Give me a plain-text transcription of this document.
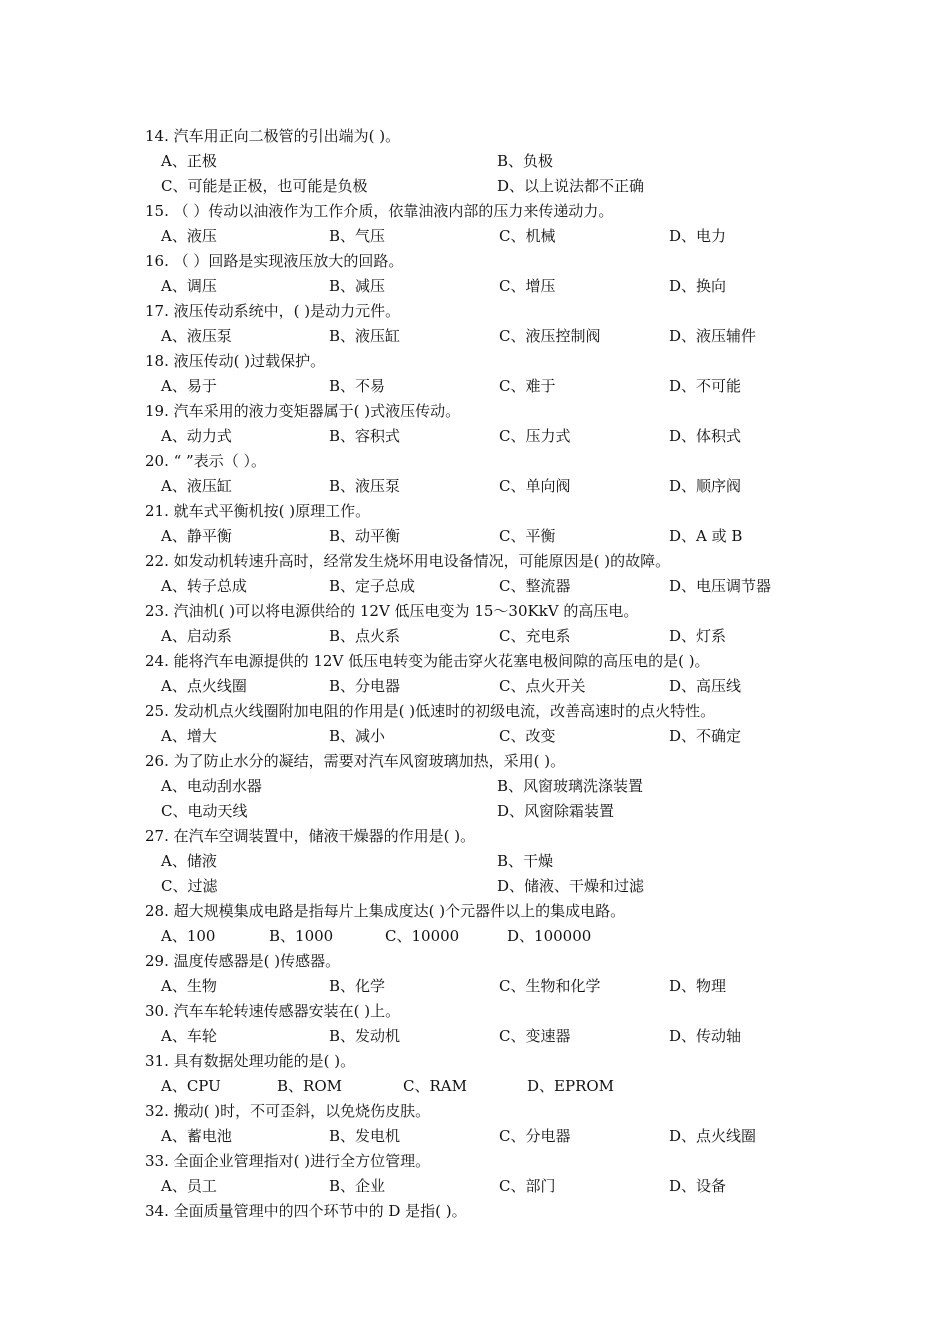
14. 汽车用正向二极管的引出端为( )。
A、正极	B、负极
C、可能是正极，也可能是负极	D、以上说法都不正确
15. （ ）传动以油液作为工作介质，依靠油液内部的压力来传递动力。
A、液压	B、气压	C、机械	D、电力
16. （ ）回路是实现液压放大的回路。
A、调压	B、减压	C、增压	D、换向
17. 液压传动系统中，( )是动力元件。
A、液压泵	B、液压缸	C、液压控制阀	D、液压辅件
18. 液压传动( )过载保护。
A、易于	B、不易	C、难于	D、不可能
19. 汽车采用的液力变矩器属于( )式液压传动。
A、动力式	B、容积式	C、压力式	D、体积式
20. “ ”表示（ ）。
A、液压缸	B、液压泵	C、单向阀	D、顺序阀
21. 就车式平衡机按( )原理工作。
A、静平衡	B、动平衡	C、平衡	D、A 或 B
22. 如发动机转速升高时，经常发生烧坏用电设备情况，可能原因是( )的故障。
A、转子总成	B、定子总成	C、整流器	D、电压调节器
23. 汽油机( )可以将电源供给的 12V 低压电变为 15～30KkV 的高压电。
A、启动系	B、点火系	C、充电系	D、灯系
24. 能将汽车电源提供的 12V 低压电转变为能击穿火花塞电极间隙的高压电的是( )。
A、点火线圈	B、分电器	C、点火开关	D、高压线
25. 发动机点火线圈附加电阻的作用是( )低速时的初级电流，改善高速时的点火特性。
A、增大	B、减小	C、改变	D、不确定
26. 为了防止水分的凝结，需要对汽车风窗玻璃加热，采用( )。
A、电动刮水器	B、风窗玻璃洗涤装置
C、电动天线	D、风窗除霜装置
27. 在汽车空调装置中，储液干燥器的作用是( )。
A、储液	B、干燥
C、过滤	D、储液、干燥和过滤
28. 超大规模集成电路是指每片上集成度达( )个元器件以上的集成电路。
A、100	B、1000	C、10000	D、100000
29. 温度传感器是( )传感器。
A、生物	B、化学	C、生物和化学	D、物理
30. 汽车车轮转速传感器安装在( )上。
A、车轮	B、发动机	C、变速器	D、传动轴
31. 具有数据处理功能的是( )。
A、CPU	B、ROM	C、RAM	D、EPROM
32. 搬动( )时，不可歪斜，以免烧伤皮肤。
A、蓄电池	B、发电机	C、分电器	D、点火线圈
33. 全面企业管理指对( )进行全方位管理。
A、员工	B、企业	C、部门	D、设备
34. 全面质量管理中的四个环节中的 D 是指( )。
